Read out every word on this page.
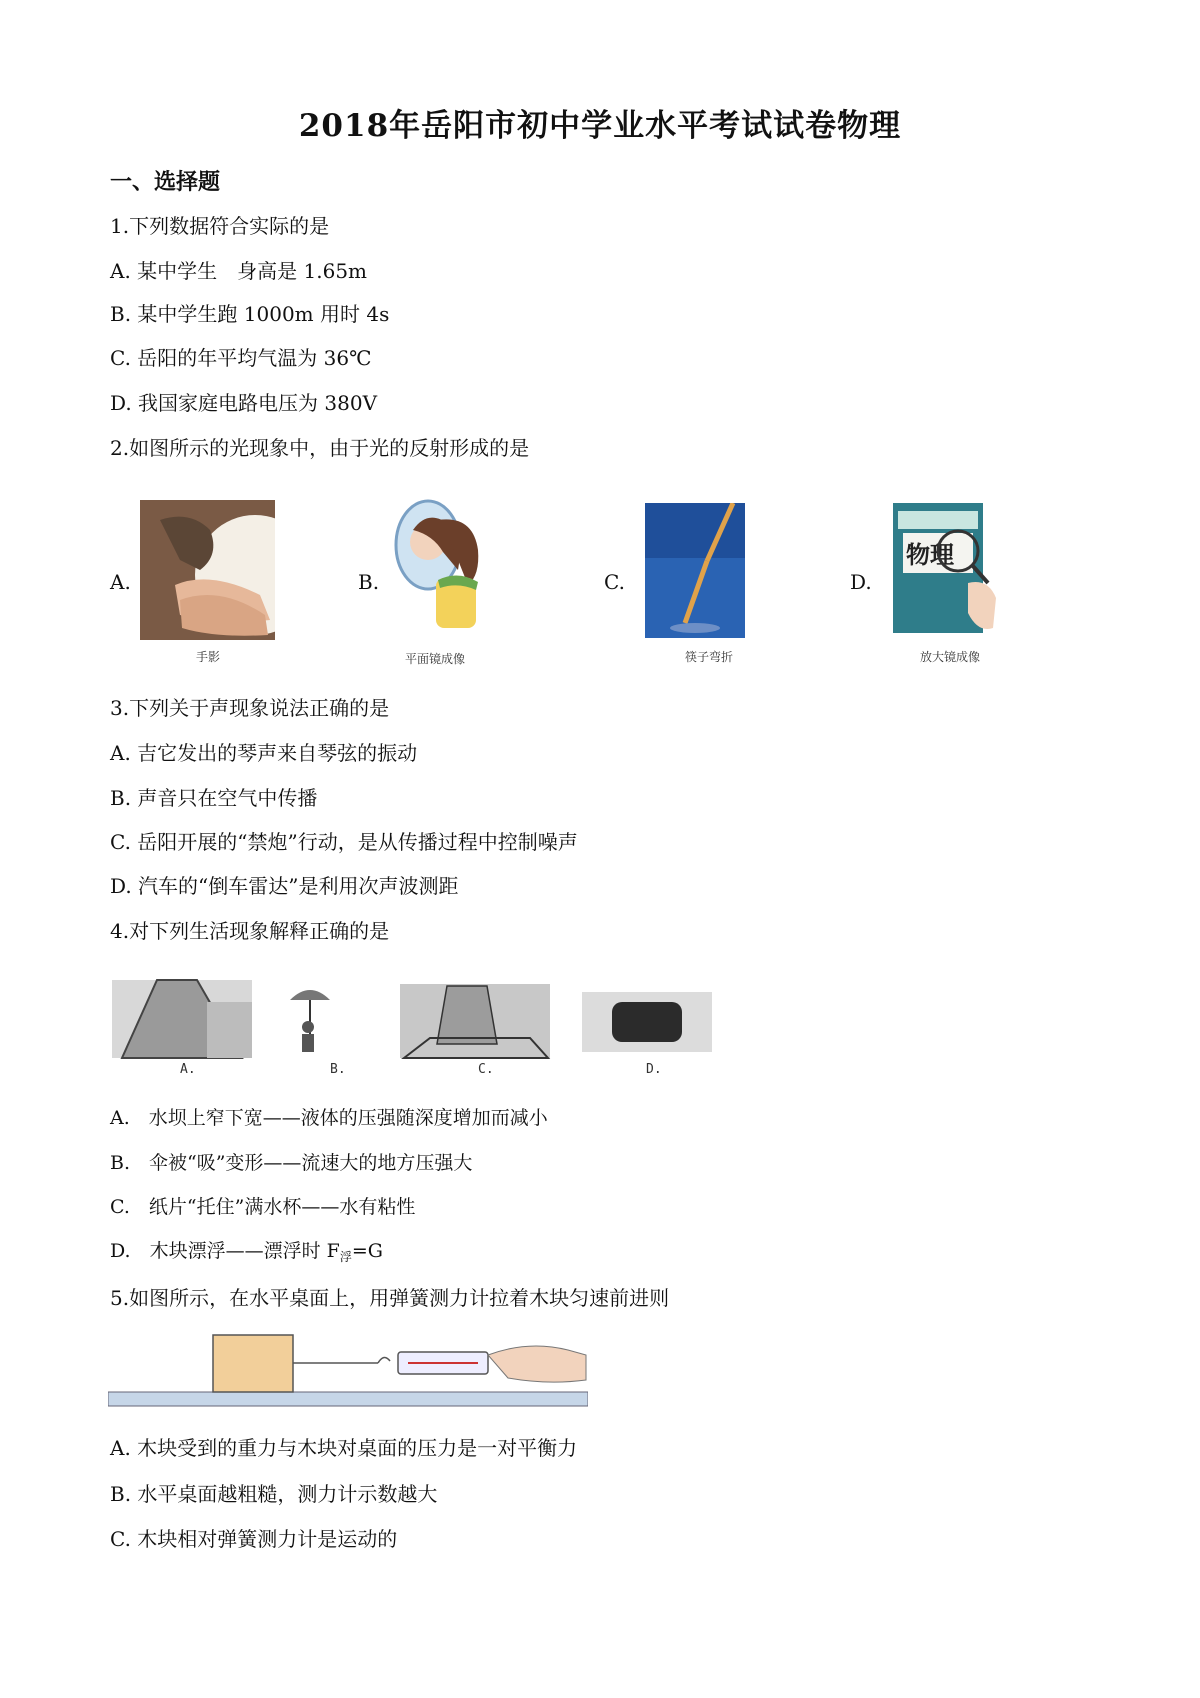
2018年岳阳市初中学业水平考试试卷物理
一、选择题
1.下列数据符合实际的是
A. 某中学生　身高是 1.65m
B. 某中学生跑 1000m 用时 4s
C. 岳阳的年平均气温为 36℃
D. 我国家庭电路电压为 380V
2.如图所示的光现象中，由于光的反射形成的是
A.
手影
B.
平面镜成像
C.
筷子弯折
D.
物理
放大镜成像
3.下列关于声现象说法正确的是
A. 吉它发出的琴声来自琴弦的振动
B. 声音只在空气中传播
C. 岳阳开展的“禁炮”行动，是从传播过程中控制噪声
D. 汽车的“倒车雷达”是利用次声波测距
4.对下列生活现象解释正确的是
A.	B.	C.	D.
A.　水坝上窄下宽——液体的压强随深度增加而减小
B.　伞被“吸”变形——流速大的地方压强大
C.　纸片“托住”满水杯——水有粘性
D.　木块漂浮——漂浮时 $F_浮=G$
5.如图所示，在水平桌面上，用弹簧测力计拉着木块匀速前进则
A. 木块受到的重力与木块对桌面的压力是一对平衡力
B. 水平桌面越粗糙，测力计示数越大
C. 木块相对弹簧测力计是运动的
